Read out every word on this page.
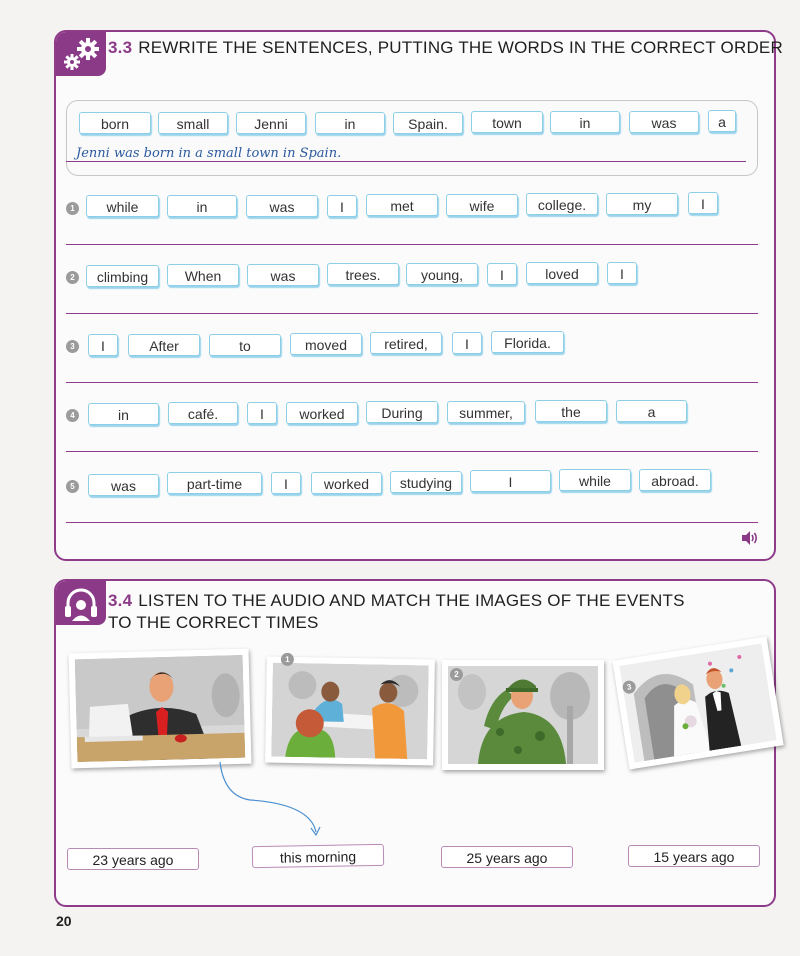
3.3 REWRITE THE SENTENCES, PUTTING THE WORDS IN THE CORRECT ORDER
Jenni was born in a small town in Spain.
born	small	Jenni	in	Spain.	town	in	was	a
1	while	in	was	I	met	wife	college.	my	I
2	climbing	When	was	trees.	young,	I	loved	I
3	I	After	to	moved	retired,	I	Florida.
4	in	café.	I	worked	During	summer,	the	a
5	was	part-time	I	worked	studying	I	while	abroad.
3.4 LISTEN TO THE AUDIO AND MATCH THE IMAGES OF THE EVENTS
TO THE CORRECT TIMES
1
2
3
23 years ago	this morning	25 years ago	15 years ago
20
